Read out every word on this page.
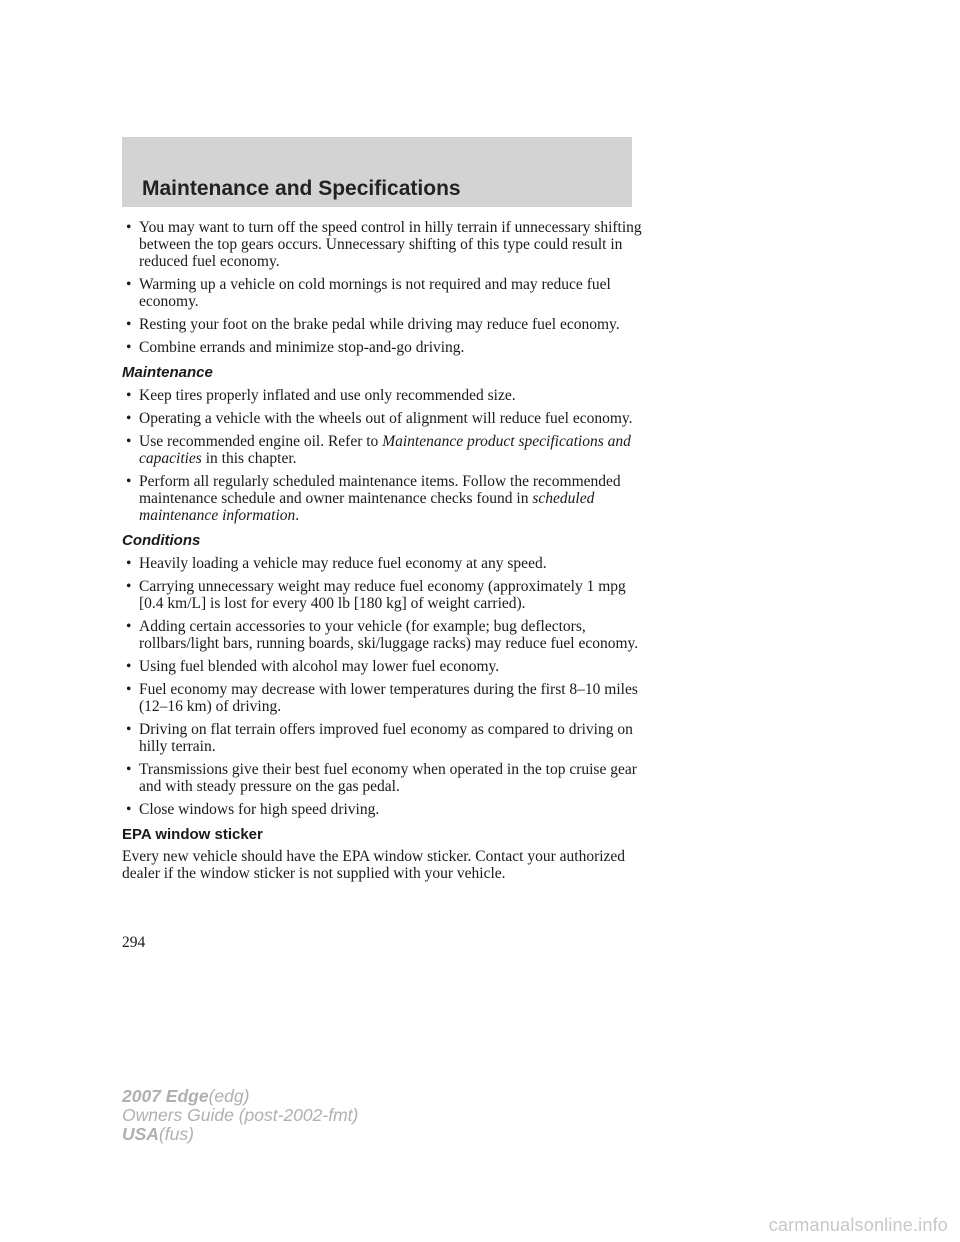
Maintenance and Specifications
• You may want to turn off the speed control in hilly terrain if unnecessary shifting between the top gears occurs. Unnecessary shifting of this type could result in reduced fuel economy.
• Warming up a vehicle on cold mornings is not required and may reduce fuel economy.
• Resting your foot on the brake pedal while driving may reduce fuel economy.
• Combine errands and minimize stop-and-go driving.
Maintenance
• Keep tires properly inflated and use only recommended size.
• Operating a vehicle with the wheels out of alignment will reduce fuel economy.
• Use recommended engine oil. Refer to Maintenance product specifications and capacities in this chapter.
• Perform all regularly scheduled maintenance items. Follow the recommended maintenance schedule and owner maintenance checks found in scheduled maintenance information.
Conditions
• Heavily loading a vehicle may reduce fuel economy at any speed.
• Carrying unnecessary weight may reduce fuel economy (approximately 1 mpg [0.4 km/L] is lost for every 400 lb [180 kg] of weight carried).
• Adding certain accessories to your vehicle (for example; bug deflectors, rollbars/light bars, running boards, ski/luggage racks) may reduce fuel economy.
• Using fuel blended with alcohol may lower fuel economy.
• Fuel economy may decrease with lower temperatures during the first 8–10 miles (12–16 km) of driving.
• Driving on flat terrain offers improved fuel economy as compared to driving on hilly terrain.
• Transmissions give their best fuel economy when operated in the top cruise gear and with steady pressure on the gas pedal.
• Close windows for high speed driving.
EPA window sticker

Every new vehicle should have the EPA window sticker. Contact your authorized dealer if the window sticker is not supplied with your vehicle.

294
2007 Edge(edg)
Owners Guide (post-2002-fmt)
USA(fus)
carmanualsonline.info
